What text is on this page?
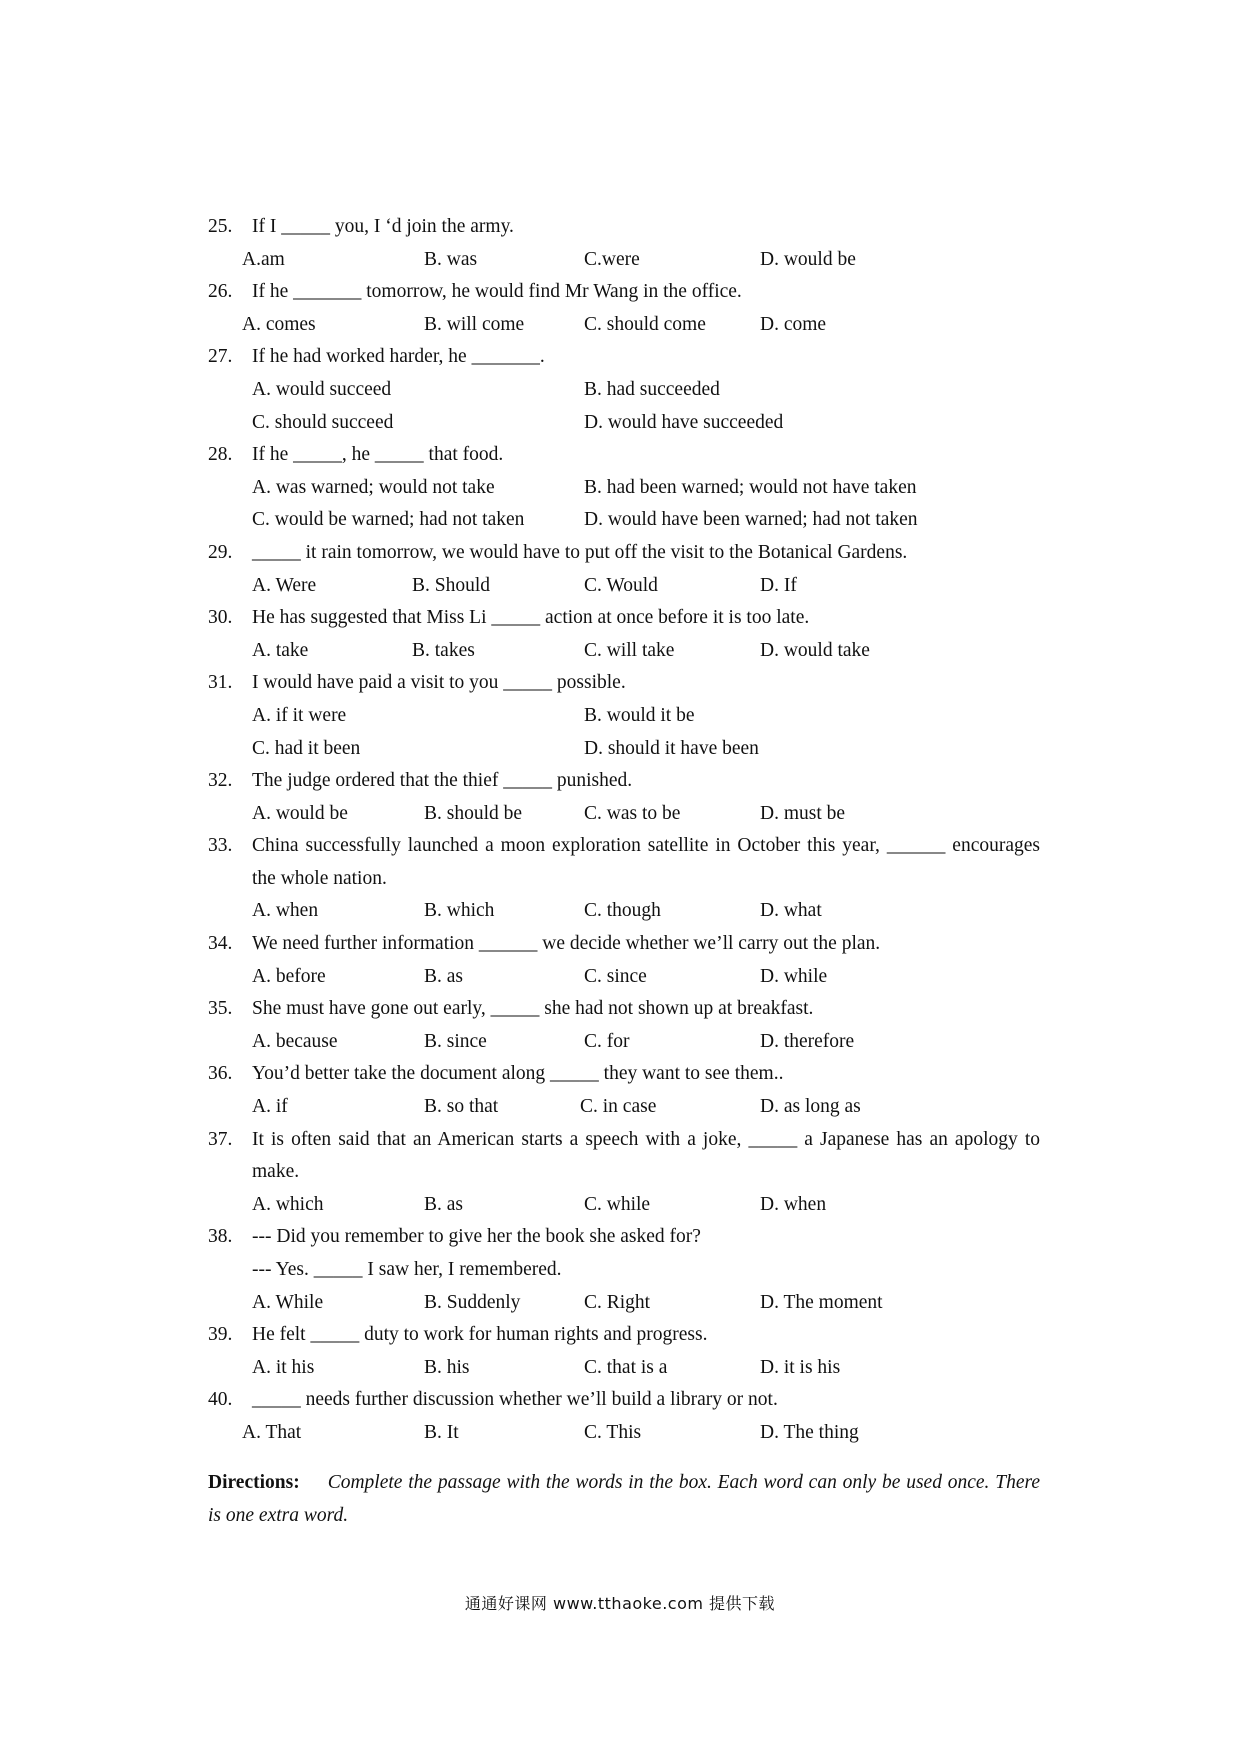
25. If I _____ you, I ‘d join the army.
A.am	B. was	C.were	D. would be
26. If he _______ tomorrow, he would find Mr Wang in the office.
A. comes	B. will come	C. should come	D. come
27. If he had worked harder, he _______.
A. would succeed	B. had succeeded
C. should succeed	D. would have succeeded
28. If he _____, he _____ that food.
A. was warned; would not take	B. had been warned; would not have taken
C. would be warned; had not taken	D. would have been warned; had not taken
29. _____ it rain tomorrow, we would have to put off the visit to the Botanical Gardens.
A. Were	B. Should	C. Would	D. If
30. He has suggested that Miss Li _____ action at once before it is too late.
A. take	B. takes	C. will take	D. would take
31. I would have paid a visit to you _____ possible.
A. if it were	B. would it be
C. had it been	D. should it have been
32. The judge ordered that the thief _____ punished.
A. would be	B. should be	C. was to be	D. must be
33. China successfully launched a moon exploration satellite in October this year, ______ encourages the whole nation.
A. when	B. which	C. though	D. what
34. We need further information ______ we decide whether we’ll carry out the plan.
A. before	B. as	C. since	D. while
35. She must have gone out early, _____ she had not shown up at breakfast.
A. because	B. since	C. for	D. therefore
36. You’d better take the document along _____ they want to see them..
A. if	B. so that	C. in case	D. as long as
37. It is often said that an American starts a speech with a joke, _____ a Japanese has an apology to make.
A. which	B. as	C. while	D. when
38. --- Did you remember to give her the book she asked for?
--- Yes. _____ I saw her, I remembered.
A. While	B. Suddenly	C. Right	D. The moment
39. He felt _____ duty to work for human rights and progress.
A. it his	B. his	C. that is a	D. it is his
40. _____ needs further discussion whether we’ll build a library or not.
A. That	B. It	C. This	D. The thing
Directions: Complete the passage with the words in the box. Each word can only be used once. There is one extra word.
通通好课网 www.tthaoke.com 提供下载
